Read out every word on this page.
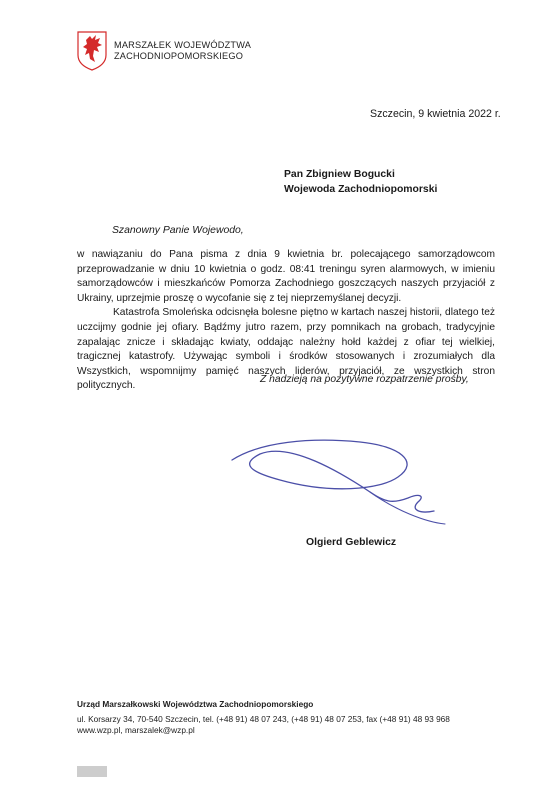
MARSZAŁEK WOJEWÓDZTWA
ZACHODNIOPOMORSKIEGO
Szczecin, 9 kwietnia 2022 r.
Pan Zbigniew Bogucki
Wojewoda Zachodniopomorski
Szanowny Panie Wojewodo,

w nawiązaniu do Pana pisma z dnia 9 kwietnia br. polecającego samorządowcom przeprowadzanie w dniu 10 kwietnia o godz. 08:41 treningu syren alarmowych, w imieniu samorządowców i mieszkańców Pomorza Zachodniego goszczących naszych przyjaciół z Ukrainy, uprzejmie proszę o wycofanie się z tej nieprzemyślanej decyzji.

Katastrofa Smoleńska odcisnęła bolesne piętno w kartach naszej historii, dlatego też uczcijmy godnie jej ofiary. Bądźmy jutro razem, przy pomnikach na grobach, tradycyjnie zapalając znicze i składając kwiaty, oddając należny hołd każdej z ofiar tej wielkiej, tragicznej katastrofy. Używając symboli i środków stosowanych i zrozumiałych dla Wszystkich, wspomnijmy pamięć naszych liderów, przyjaciół, ze wszystkich stron politycznych.

Z nadzieją na pozytywne rozpatrzenie prośby,
Olgierd Geblewicz
Urząd Marszałkowski Województwa Zachodniopomorskiego
ul. Korsarzy 34, 70-540 Szczecin, tel. (+48 91) 48 07 243, (+48 91) 48 07 253, fax (+48 91) 48 93 968
www.wzp.pl, marszalek@wzp.pl
